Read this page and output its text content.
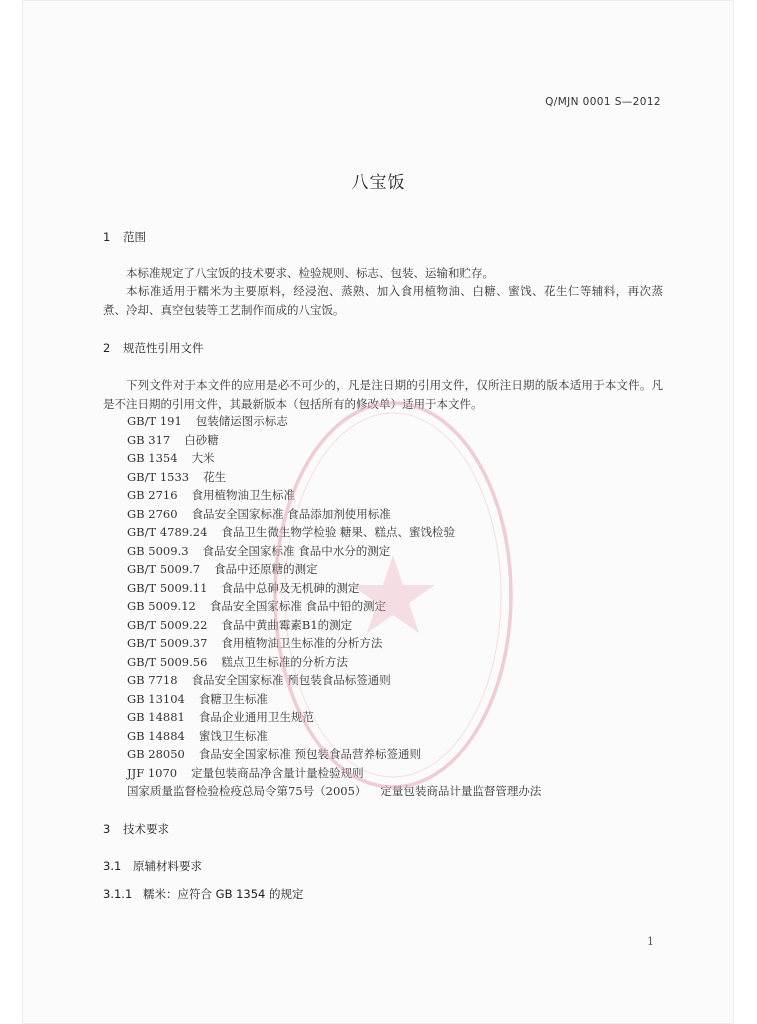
Q/MJN 0001 S—2012
八宝饭
1 范围
本标准规定了八宝饭的技术要求、检验规则、标志、包装、运输和贮存。
本标准适用于糯米为主要原料，经浸泡、蒸熟、加入食用植物油、白糖、蜜饯、花生仁等辅料，再次蒸煮、冷却、真空包装等工艺制作而成的八宝饭。
2 规范性引用文件
下列文件对于本文件的应用是必不可少的，凡是注日期的引用文件，仅所注日期的版本适用于本文件。凡是不注日期的引用文件，其最新版本（包括所有的修改单）适用于本文件。
GB/T 191 包装储运图示标志
GB 317 白砂糖
GB 1354 大米
GB/T 1533 花生
GB 2716 食用植物油卫生标准
GB 2760 食品安全国家标准 食品添加剂使用标准
GB/T 4789.24 食品卫生微生物学检验 糖果、糕点、蜜饯检验
GB 5009.3 食品安全国家标准 食品中水分的测定
GB/T 5009.7 食品中还原糖的测定
GB/T 5009.11 食品中总砷及无机砷的测定
GB 5009.12 食品安全国家标准 食品中铅的测定
GB/T 5009.22 食品中黄曲霉素B1的测定
GB/T 5009.37 食用植物油卫生标准的分析方法
GB/T 5009.56 糕点卫生标准的分析方法
GB 7718 食品安全国家标准 预包装食品标签通则
GB 13104 食糖卫生标准
GB 14881 食品企业通用卫生规范
GB 14884 蜜饯卫生标准
GB 28050 食品安全国家标准 预包装食品营养标签通则
JJF 1070 定量包装商品净含量计量检验规则
国家质量监督检验检疫总局令第75号（2005） 定量包装商品计量监督管理办法
3 技术要求
3.1 原辅材料要求
3.1.1 糯米：应符合 GB 1354 的规定
1
